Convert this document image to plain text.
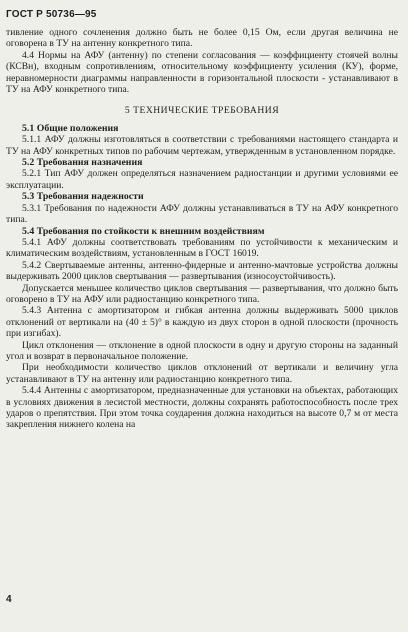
ГОСТ Р 50736—95

тивление одного сочленения должно быть не более 0,15 Ом, если другая величина не оговорена в ТУ на антенну конкретного типа.

4.4 Нормы на АФУ (антенну) по степени согласования — коэффициенту стоячей волны (КСВн), входным сопротивлениям, относительному коэффициенту усиления (КУ), форме, неравномерности диаграммы направленности в горизонтальной плоскости - устанавливают в ТУ на АФУ конкретного типа.

5 ТЕХНИЧЕСКИЕ ТРЕБОВАНИЯ

5.1 Общие положения

5.1.1 АФУ должны изготовляться в соответствии с требованиями настоящего стандарта и ТУ на АФУ конкретных типов по рабочим чертежам, утвержденным в установленном порядке.

5.2 Требования назначения

5.2.1 Тип АФУ должен определяться назначением радиостанции и другими условиями ее эксплуатации.

5.3 Требования надежности

5.3.1 Требования по надежности АФУ должны устанавливаться в ТУ на АФУ конкретного типа.

5.4 Требования по стойкости к внешним воздействиям

5.4.1 АФУ должны соответствовать требованиям по устойчивости к механическим и климатическим воздействиям, установленным в ГОСТ 16019.

5.4.2 Свертываемые антенны, антенно-фидерные и антенно-мачтовые устройства должны выдерживать 2000 циклов свертывания — развертывания (износоустойчивость).

Допускается меньшее количество циклов свертывания — развертывания, что должно быть оговорено в ТУ на АФУ или радиостанцию конкретного типа.

5.4.3 Антенна с амортизатором и гибкая антенна должны выдерживать 5000 циклов отклонений от вертикали на (40 ± 5)° в каждую из двух сторон в одной плоскости (прочность при изгибах).

Цикл отклонения — отклонение в одной плоскости в одну и другую стороны на заданный угол и возврат в первоначальное положение.

При необходимости количество циклов отклонений от вертикали и величину угла устанавливают в ТУ на антенну или радиостанцию конкретного типа.

5.4.4 Антенны с амортизатором, предназначенные для установки на объектах, работающих в условиях движения в лесистой местности, должны сохранять работоспособность после трех ударов о препятствия. При этом точка соударения должна находиться на высоте 0,7 м от места закрепления нижнего колена на

4
